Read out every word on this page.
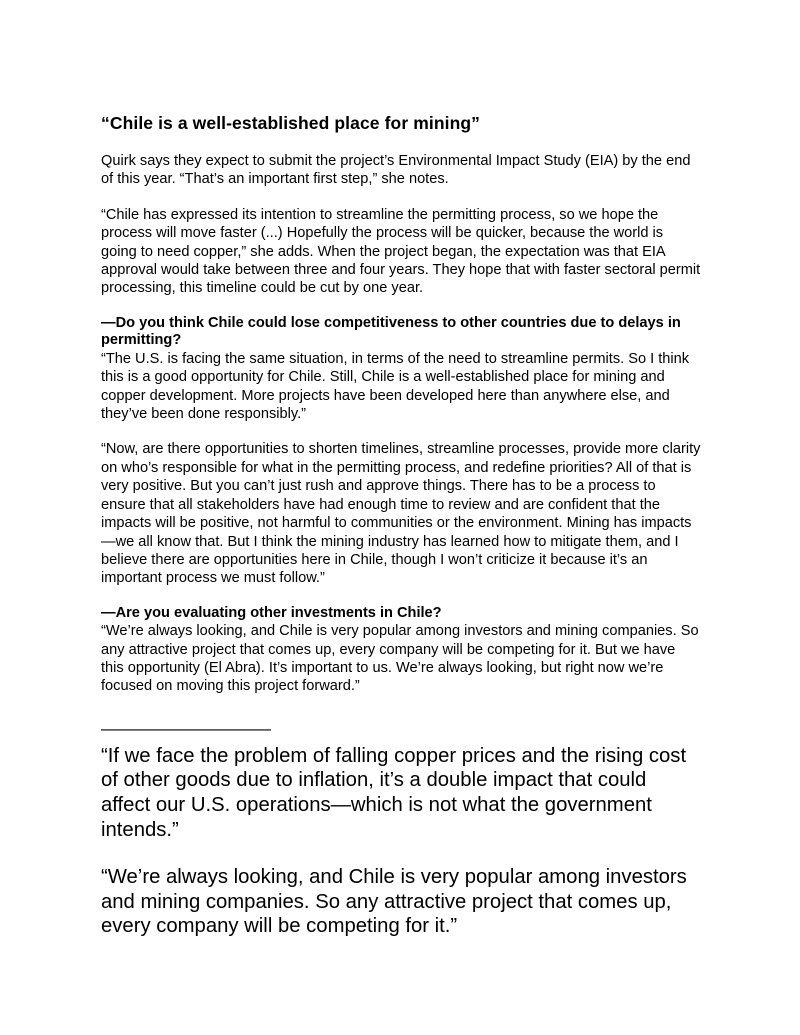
“Chile is a well-established place for mining”

Quirk says they expect to submit the project’s Environmental Impact Study (EIA) by the end of this year. “That’s an important first step,” she notes.

“Chile has expressed its intention to streamline the permitting process, so we hope the process will move faster (...) Hopefully the process will be quicker, because the world is going to need copper,” she adds. When the project began, the expectation was that EIA approval would take between three and four years. They hope that with faster sectoral permit processing, this timeline could be cut by one year.

—Do you think Chile could lose competitiveness to other countries due to delays in permitting?

“The U.S. is facing the same situation, in terms of the need to streamline permits. So I think this is a good opportunity for Chile. Still, Chile is a well-established place for mining and copper development. More projects have been developed here than anywhere else, and they’ve been done responsibly.”

“Now, are there opportunities to shorten timelines, streamline processes, provide more clarity on who’s responsible for what in the permitting process, and redefine priorities? All of that is very positive. But you can’t just rush and approve things. There has to be a process to ensure that all stakeholders have had enough time to review and are confident that the impacts will be positive, not harmful to communities or the environment. Mining has impacts—we all know that. But I think the mining industry has learned how to mitigate them, and I believe there are opportunities here in Chile, though I won’t criticize it because it’s an important process we must follow.”

—Are you evaluating other investments in Chile?

“We’re always looking, and Chile is very popular among investors and mining companies. So any attractive project that comes up, every company will be competing for it. But we have this opportunity (El Abra). It’s important to us. We’re always looking, but right now we’re focused on moving this project forward.”

——————————

“If we face the problem of falling copper prices and the rising cost of other goods due to inflation, it’s a double impact that could affect our U.S. operations—which is not what the government intends.”

“We’re always looking, and Chile is very popular among investors and mining companies. So any attractive project that comes up, every company will be competing for it.”
